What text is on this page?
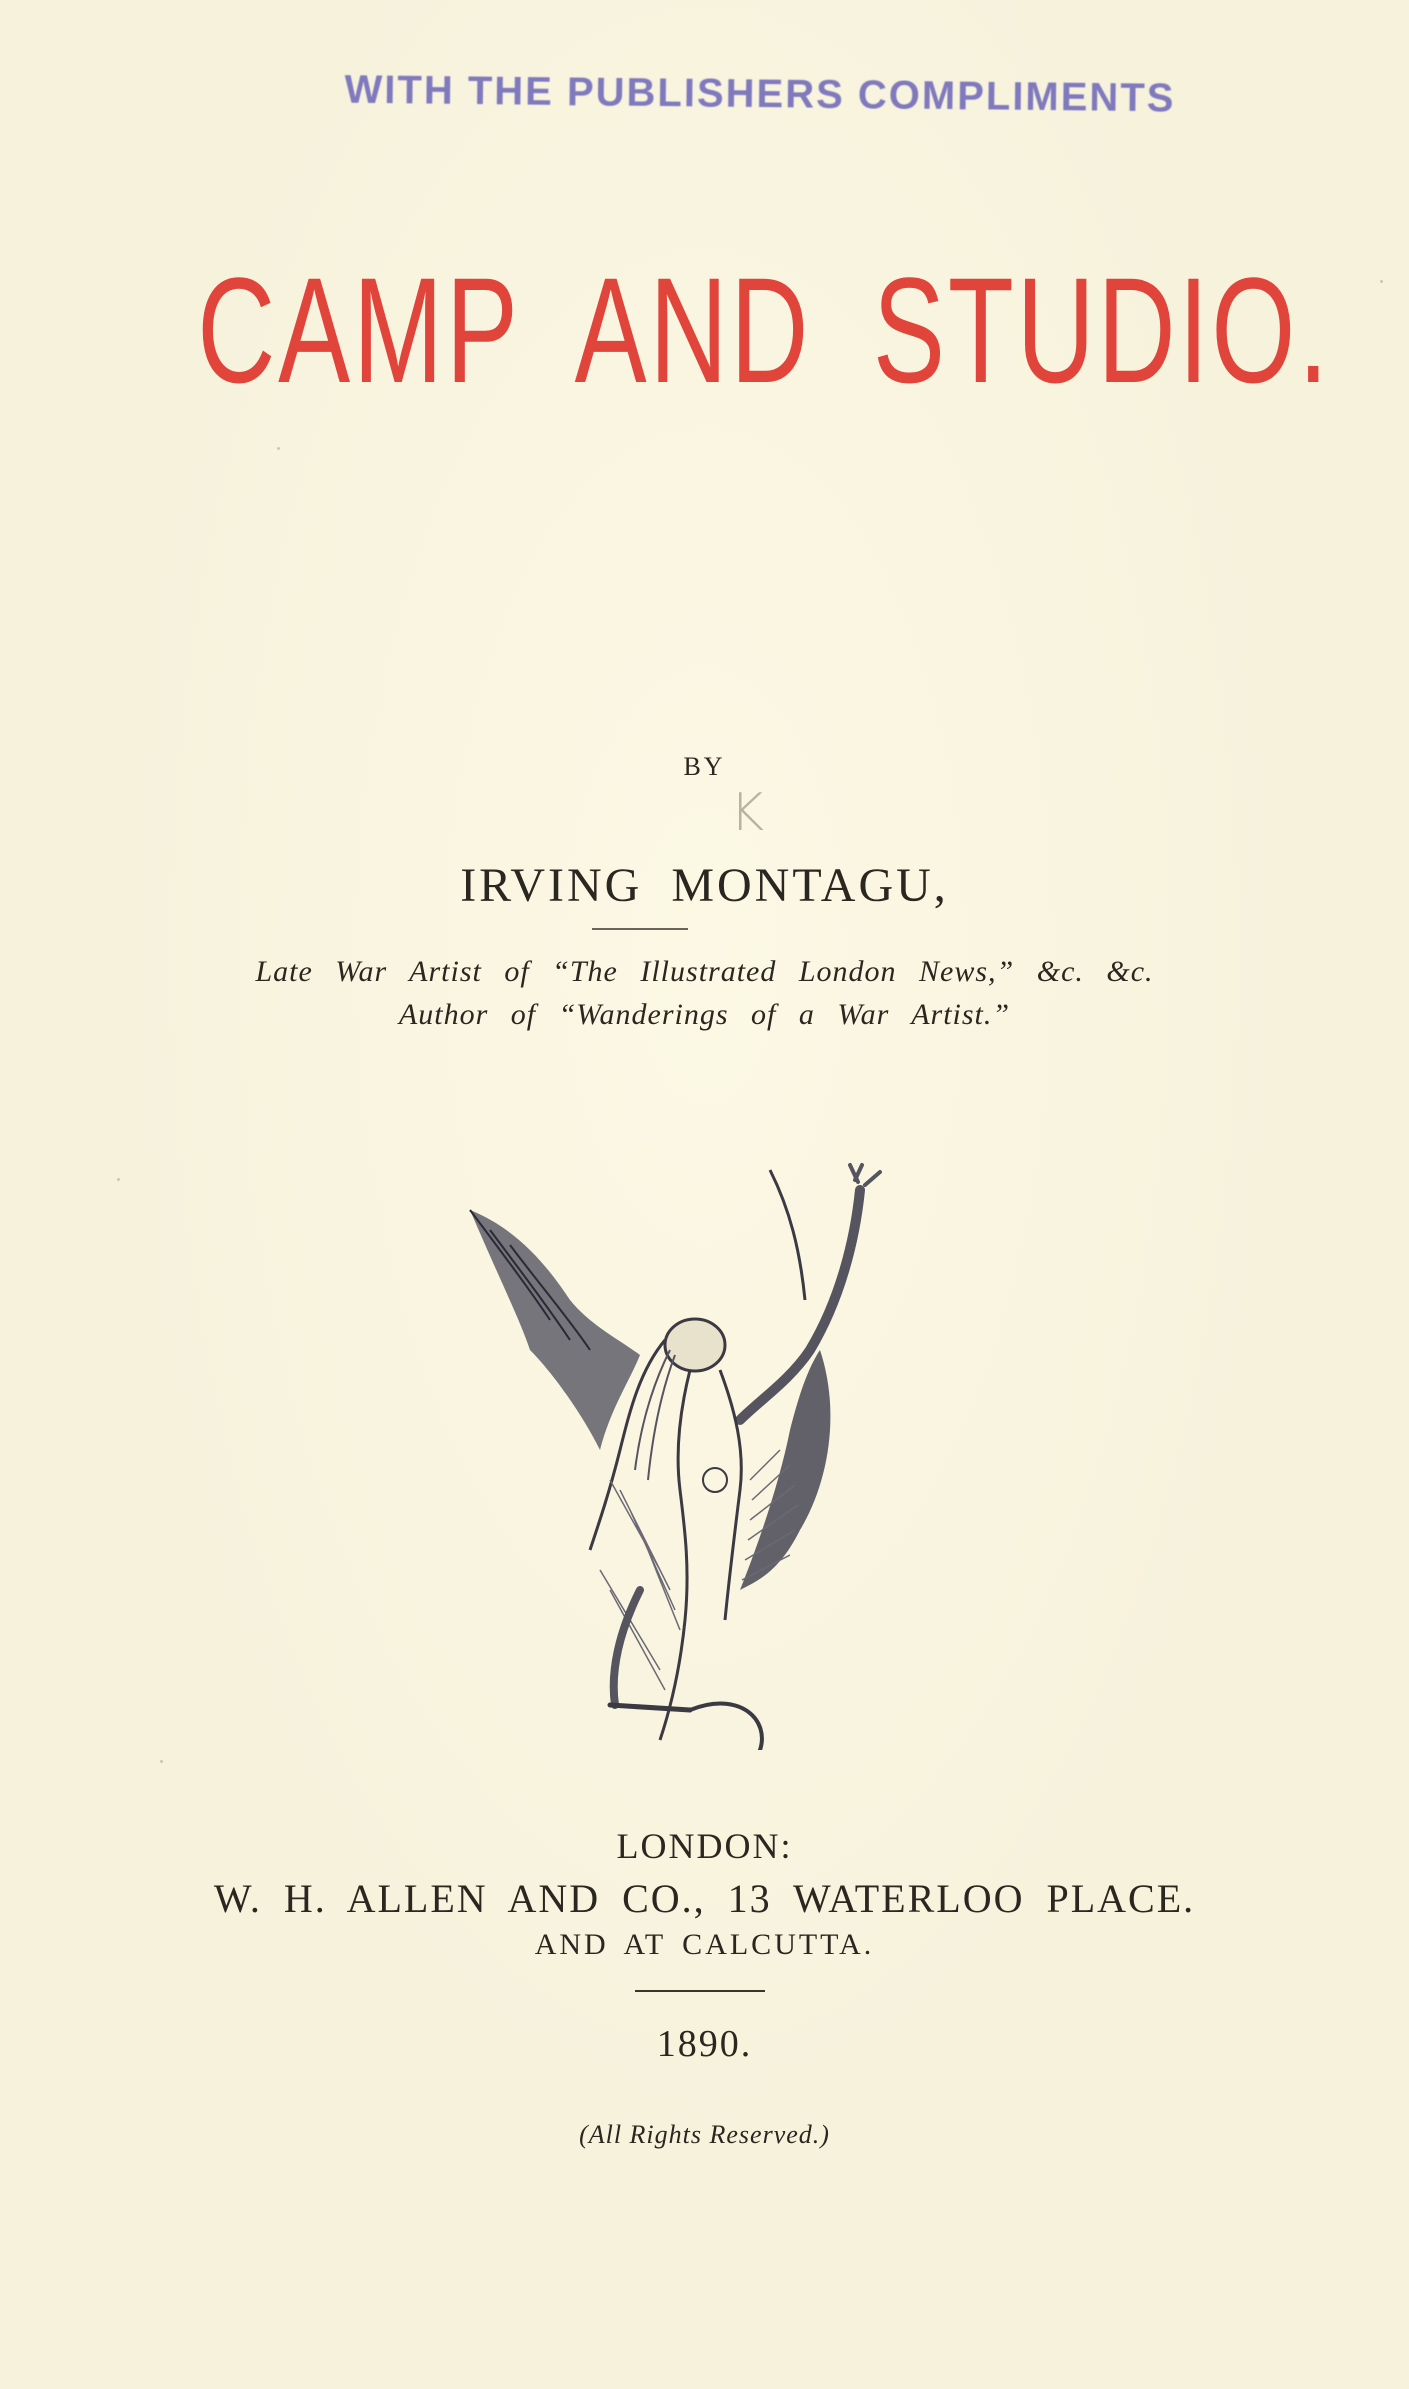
WITH THE PUBLISHERS COMPLIMENTS
CAMP AND STUDIO.
BY
K
IRVING MONTAGU,
Late War Artist of “The Illustrated London News,” &c. &c.
Author of “Wanderings of a War Artist.”
LONDON:
W. H. ALLEN AND CO., 13 WATERLOO PLACE.
AND AT CALCUTTA.
1890.
(All Rights Reserved.)
